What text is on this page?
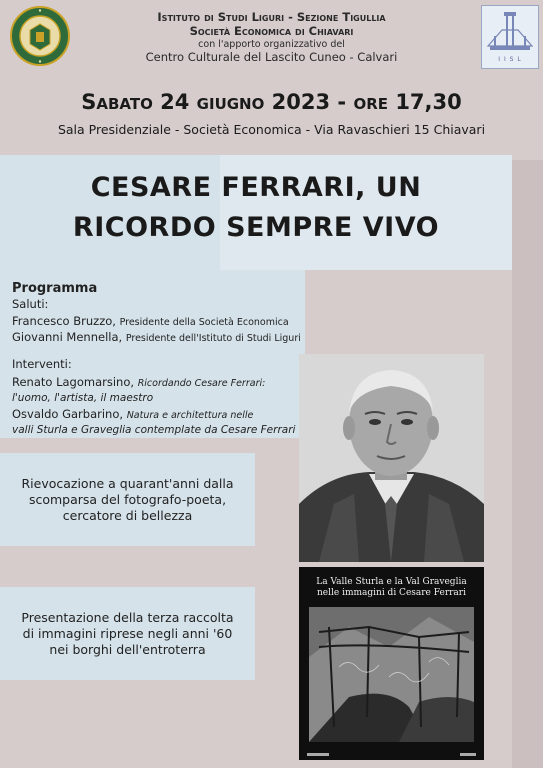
I I S L
Istituto di Studi Liguri - Sezione Tigullia
Società Economica di Chiavari
con l'apporto organizzativo del
Centro Culturale del Lascito Cuneo - Calvari
Sabato 24 giugno 2023 - ore 17,30
Sala Presidenziale - Società Economica - Via Ravaschieri 15 Chiavari
CESARE FERRARI, UN
RICORDO SEMPRE VIVO
Programma
Saluti:
Francesco Bruzzo, Presidente della Società Economica
Giovanni Mennella, Presidente dell'Istituto di Studi Liguri
Interventi:
Renato Lagomarsino, Ricordando Cesare Ferrari:
l'uomo, l'artista, il maestro
Osvaldo Garbarino, Natura e architettura nelle
valli Sturla e Graveglia contemplate da Cesare Ferrari
Rievocazione a quarant'anni dalla
scomparsa del fotografo-poeta,
cercatore di bellezza
Presentazione della terza raccolta
di immagini riprese negli anni '60
nei borghi dell'entroterra
La Valle Sturla e la Val Graveglia
nelle immagini di Cesare Ferrari
